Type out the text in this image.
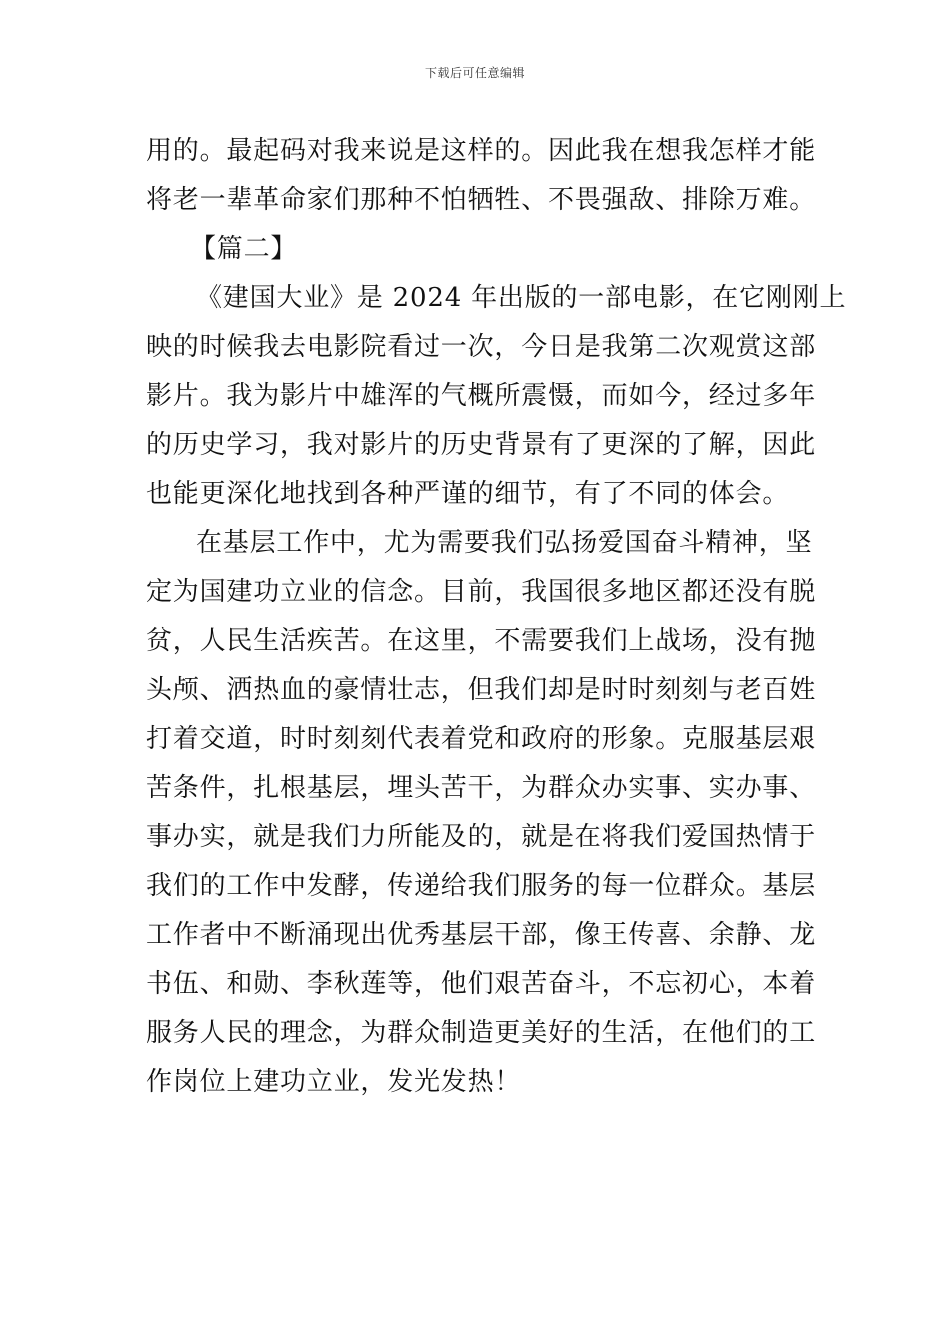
下载后可任意编辑
用的。最起码对我来说是这样的。因此我在想我怎样才能
将老一辈革命家们那种不怕牺牲、不畏强敌、排除万难。
【篇二】
《建国大业》是 2024 年出版的一部电影，在它刚刚上
映的时候我去电影院看过一次，今日是我第二次观赏这部
影片。我为影片中雄浑的气概所震慑，而如今，经过多年
的历史学习，我对影片的历史背景有了更深的了解，因此
也能更深化地找到各种严谨的细节，有了不同的体会。
在基层工作中，尤为需要我们弘扬爱国奋斗精神，坚
定为国建功立业的信念。目前，我国很多地区都还没有脱
贫，人民生活疾苦。在这里，不需要我们上战场，没有抛
头颅、洒热血的豪情壮志，但我们却是时时刻刻与老百姓
打着交道，时时刻刻代表着党和政府的形象。克服基层艰
苦条件，扎根基层，埋头苦干，为群众办实事、实办事、
事办实，就是我们力所能及的，就是在将我们爱国热情于
我们的工作中发酵，传递给我们服务的每一位群众。基层
工作者中不断涌现出优秀基层干部，像王传喜、余静、龙
书伍、和勋、李秋莲等，他们艰苦奋斗，不忘初心，本着
服务人民的理念，为群众制造更美好的生活，在他们的工
作岗位上建功立业，发光发热！
